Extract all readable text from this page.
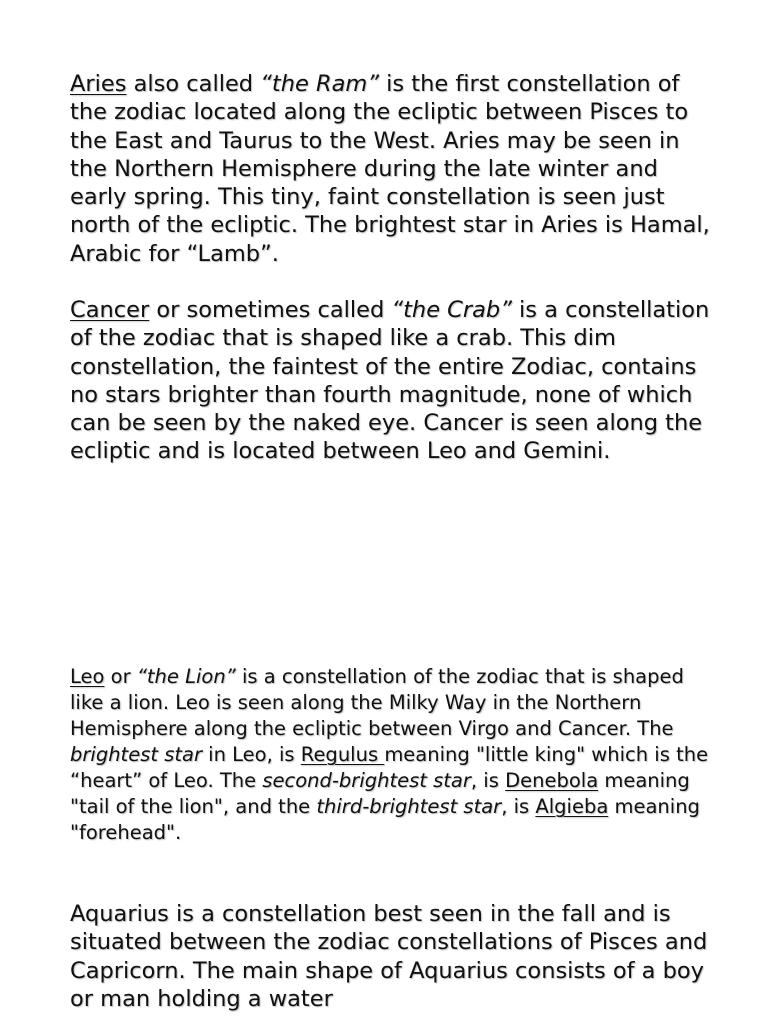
Aries also called “the Ram” is the first constellation of the zodiac located along the ecliptic between Pisces to the East and Taurus to the West. Aries may be seen in the Northern Hemisphere during the late winter and early spring. This tiny, faint constellation is seen just north of the ecliptic. The brightest star in Aries is Hamal, Arabic for “Lamb”.

Cancer or sometimes called “the Crab” is a constellation of the zodiac that is shaped like a crab. This dim constellation, the faintest of the entire Zodiac, contains no stars brighter than fourth magnitude, none of which can be seen by the naked eye. Cancer is seen along the ecliptic and is located between Leo and Gemini.

Leo or “the Lion” is a constellation of the zodiac that is shaped like a lion. Leo is seen along the Milky Way in the Northern Hemisphere along the ecliptic between Virgo and Cancer. The brightest star in Leo, is Regulus meaning "little king" which is the “heart” of Leo. The second-brightest star, is Denebola meaning "tail of the lion", and the third-brightest star, is Algieba meaning "forehead".

Aquarius is a constellation best seen in the fall and is situated between the zodiac constellations of Pisces and Capricorn. The main shape of Aquarius consists of a boy or man holding a water
